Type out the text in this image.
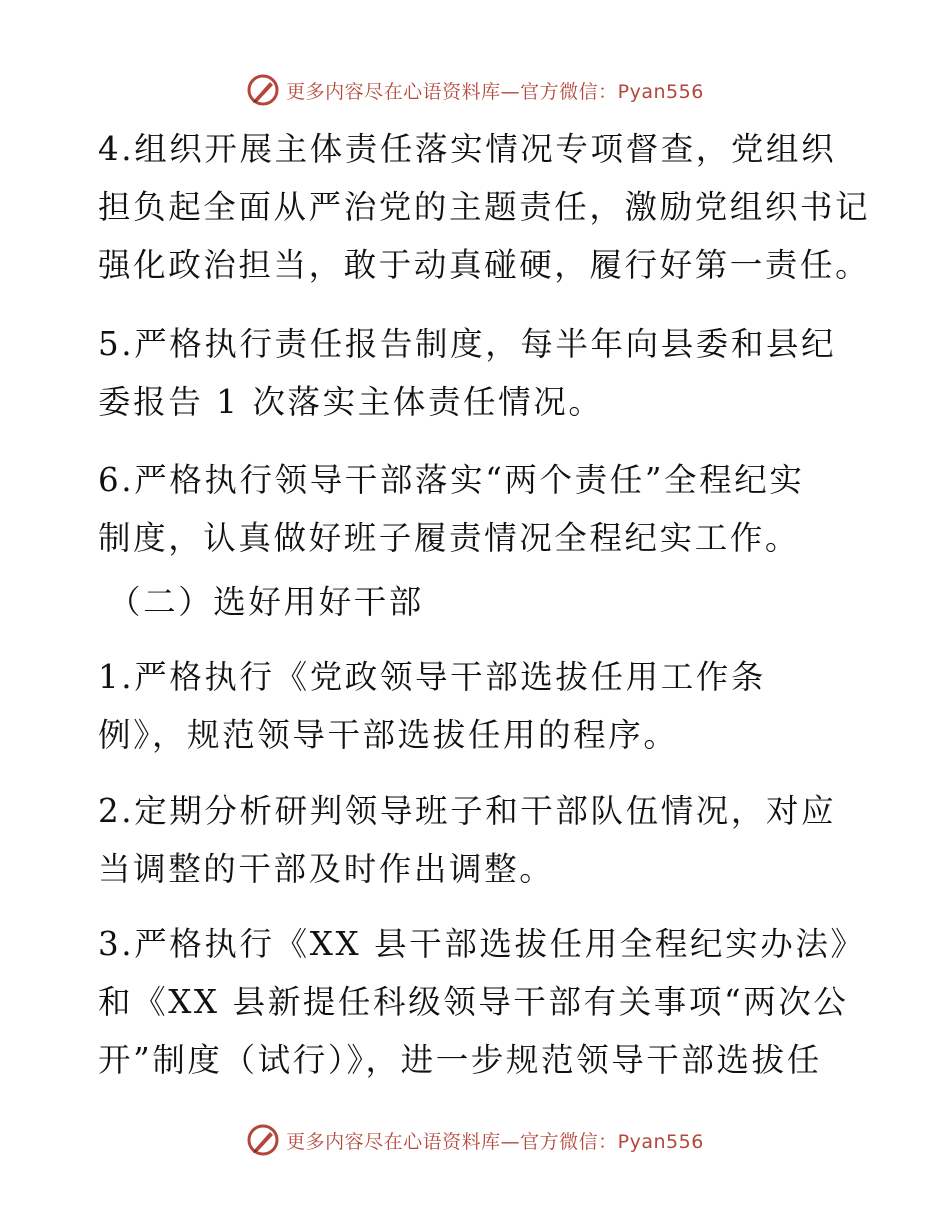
更多内容尽在心语资料库—官方微信：Pyan556
4.组织开展主体责任落实情况专项督查，党组织
担负起全面从严治党的主题责任，激励党组织书记
强化政治担当，敢于动真碰硬，履行好第一责任。
5.严格执行责任报告制度，每半年向县委和县纪
委报告 1 次落实主体责任情况。
6.严格执行领导干部落实“两个责任”全程纪实
制度，认真做好班子履责情况全程纪实工作。
（二）选好用好干部
1.严格执行《党政领导干部选拔任用工作条
例》，规范领导干部选拔任用的程序。
2.定期分析研判领导班子和干部队伍情况，对应
当调整的干部及时作出调整。
3.严格执行《XX 县干部选拔任用全程纪实办法》
和《XX 县新提任科级领导干部有关事项“两次公
开”制度（试行）》，进一步规范领导干部选拔任
更多内容尽在心语资料库—官方微信：Pyan556
